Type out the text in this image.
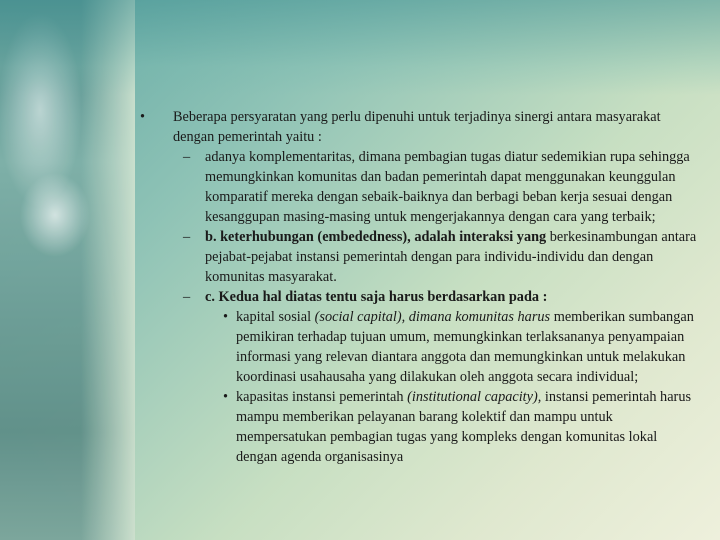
• Beberapa persyaratan yang perlu dipenuhi untuk terjadinya sinergi antara masyarakat dengan pemerintah yaitu :
– adanya komplementaritas, dimana pembagian tugas diatur sedemikian rupa sehingga memungkinkan komunitas dan badan pemerintah dapat menggunakan keunggulan komparatif mereka dengan sebaik-baiknya dan berbagi beban kerja sesuai dengan kesanggupan masing-masing untuk mengerjakannya dengan cara yang terbaik;
– b. keterhubungan (embededness), adalah interaksi yang berkesinambungan antara pejabat-pejabat instansi pemerintah dengan para individu-individu dan dengan komunitas masyarakat.
– c. Kedua hal diatas tentu saja harus berdasarkan pada :
• kapital sosial (social capital), dimana komunitas harus memberikan sumbangan pemikiran terhadap tujuan umum, memungkinkan terlaksananya penyampaian informasi yang relevan diantara anggota dan memungkinkan untuk melakukan koordinasi usahausaha yang dilakukan oleh anggota secara individual;
• kapasitas instansi pemerintah (institutional capacity), instansi pemerintah harus mampu memberikan pelayanan barang kolektif dan mampu untuk mempersatukan pembagian tugas yang kompleks dengan komunitas lokal dengan agenda organisasinya
